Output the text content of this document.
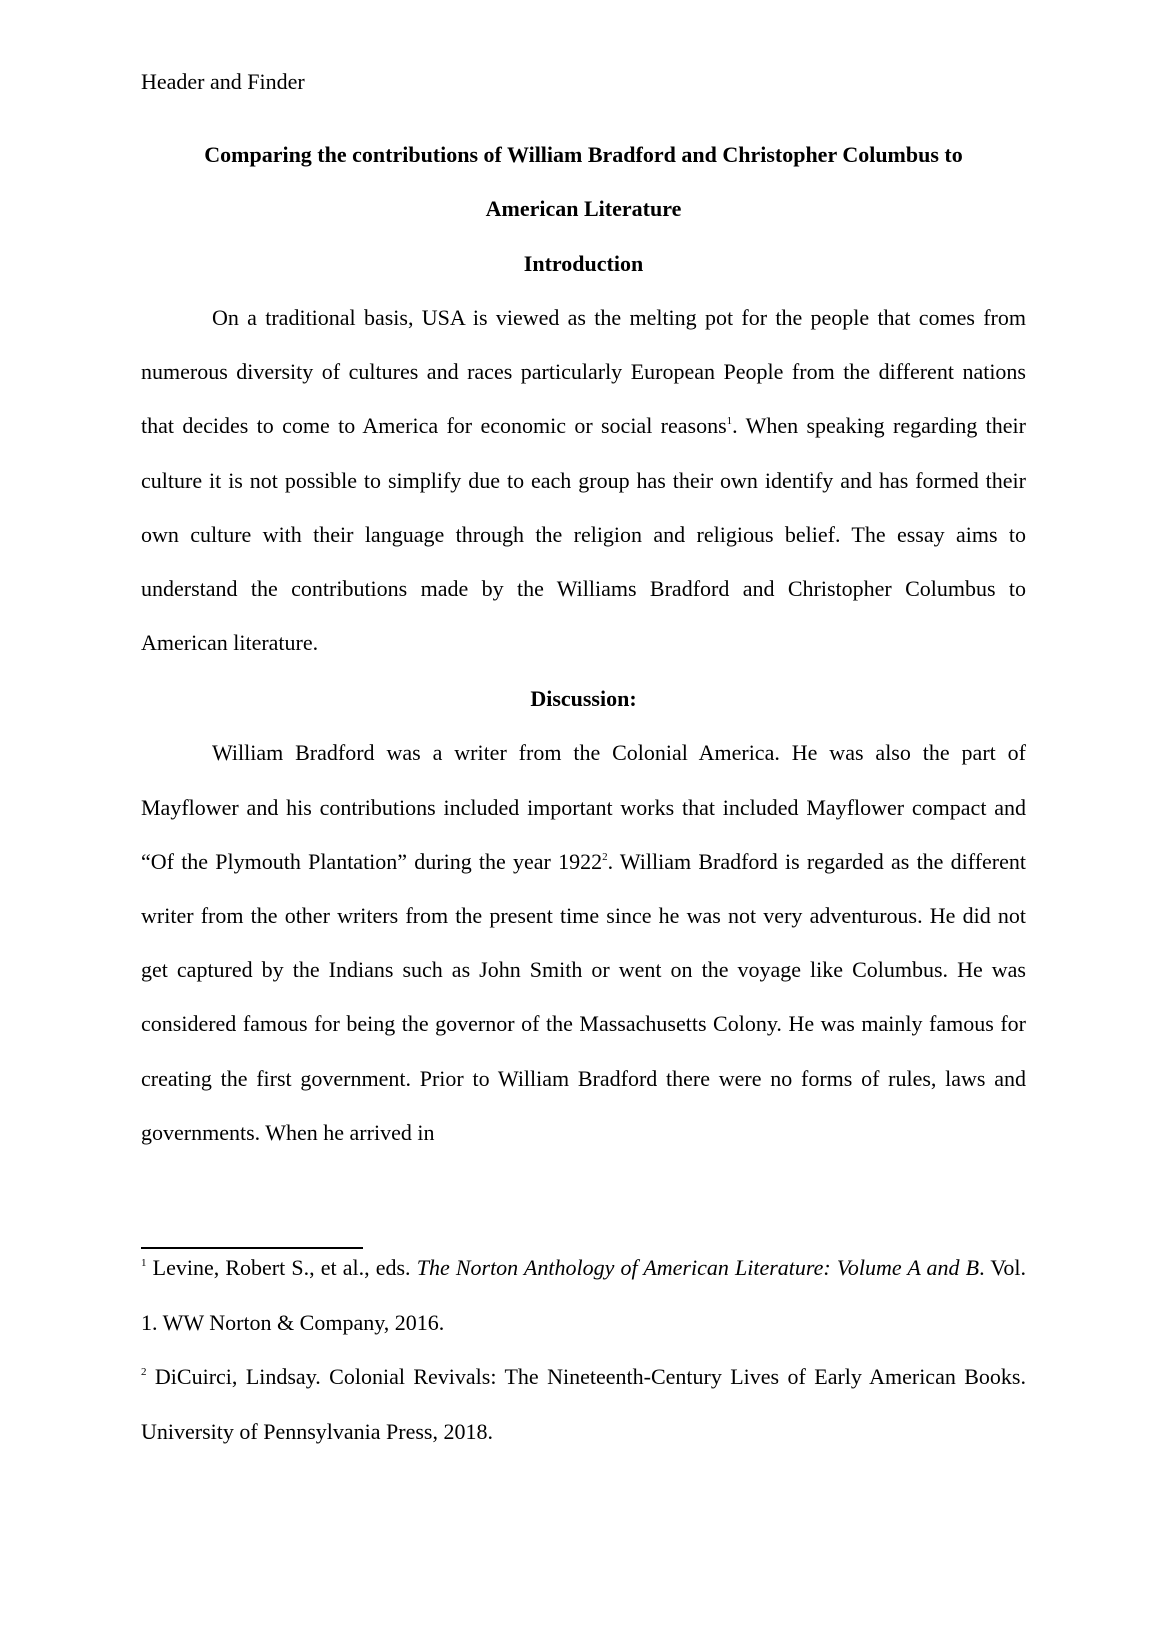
Header and Finder
Comparing the contributions of William Bradford and Christopher Columbus to
American Literature
Introduction

On a traditional basis, USA is viewed as the melting pot for the people that comes from numerous diversity of cultures and races particularly European People from the different nations that decides to come to America for economic or social reasons$^1$. When speaking regarding their culture it is not possible to simplify due to each group has their own identify and has formed their own culture with their language through the religion and religious belief. The essay aims to understand the contributions made by the Williams Bradford and Christopher Columbus to American literature.

Discussion:

William Bradford was a writer from the Colonial America. He was also the part of Mayflower and his contributions included important works that included Mayflower compact and “Of the Plymouth Plantation” during the year 1922$^2$. William Bradford is regarded as the different writer from the other writers from the present time since he was not very adventurous. He did not get captured by the Indians such as John Smith or went on the voyage like Columbus. He was considered famous for being the governor of the Massachusetts Colony. He was mainly famous for creating the first government. Prior to William Bradford there were no forms of rules, laws and governments. When he arrived in

$^1$ Levine, Robert S., et al., eds. The Norton Anthology of American Literature: Volume A and B. Vol. 1. WW Norton & Company, 2016.

$^2$ DiCuirci, Lindsay. Colonial Revivals: The Nineteenth-Century Lives of Early American Books. University of Pennsylvania Press, 2018.
